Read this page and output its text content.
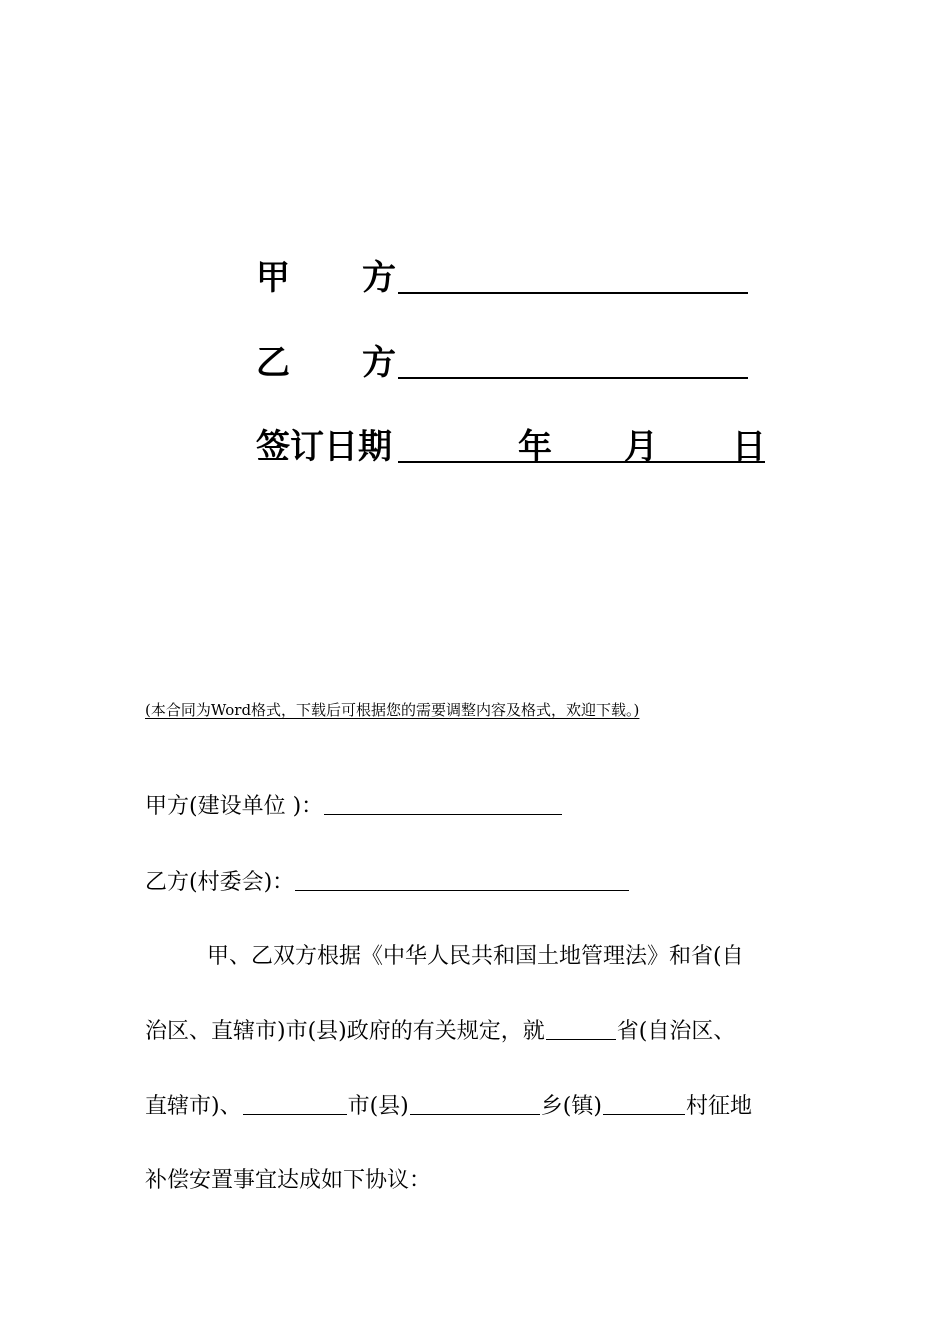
甲 方
乙 方
签订日期	年 月 日
(本合同为Word格式，下载后可根据您的需要调整内容及格式，欢迎下载。)
甲方(建设单位 )：
乙方(村委会)：
甲、乙双方根据《中华人民共和国土地管理法》和省(自
治区、直辖市)市(县)政府的有关规定，就	省(自治区、
直辖市)、	市(县)	乡(镇)	村征地
补偿安置事宜达成如下协议：
